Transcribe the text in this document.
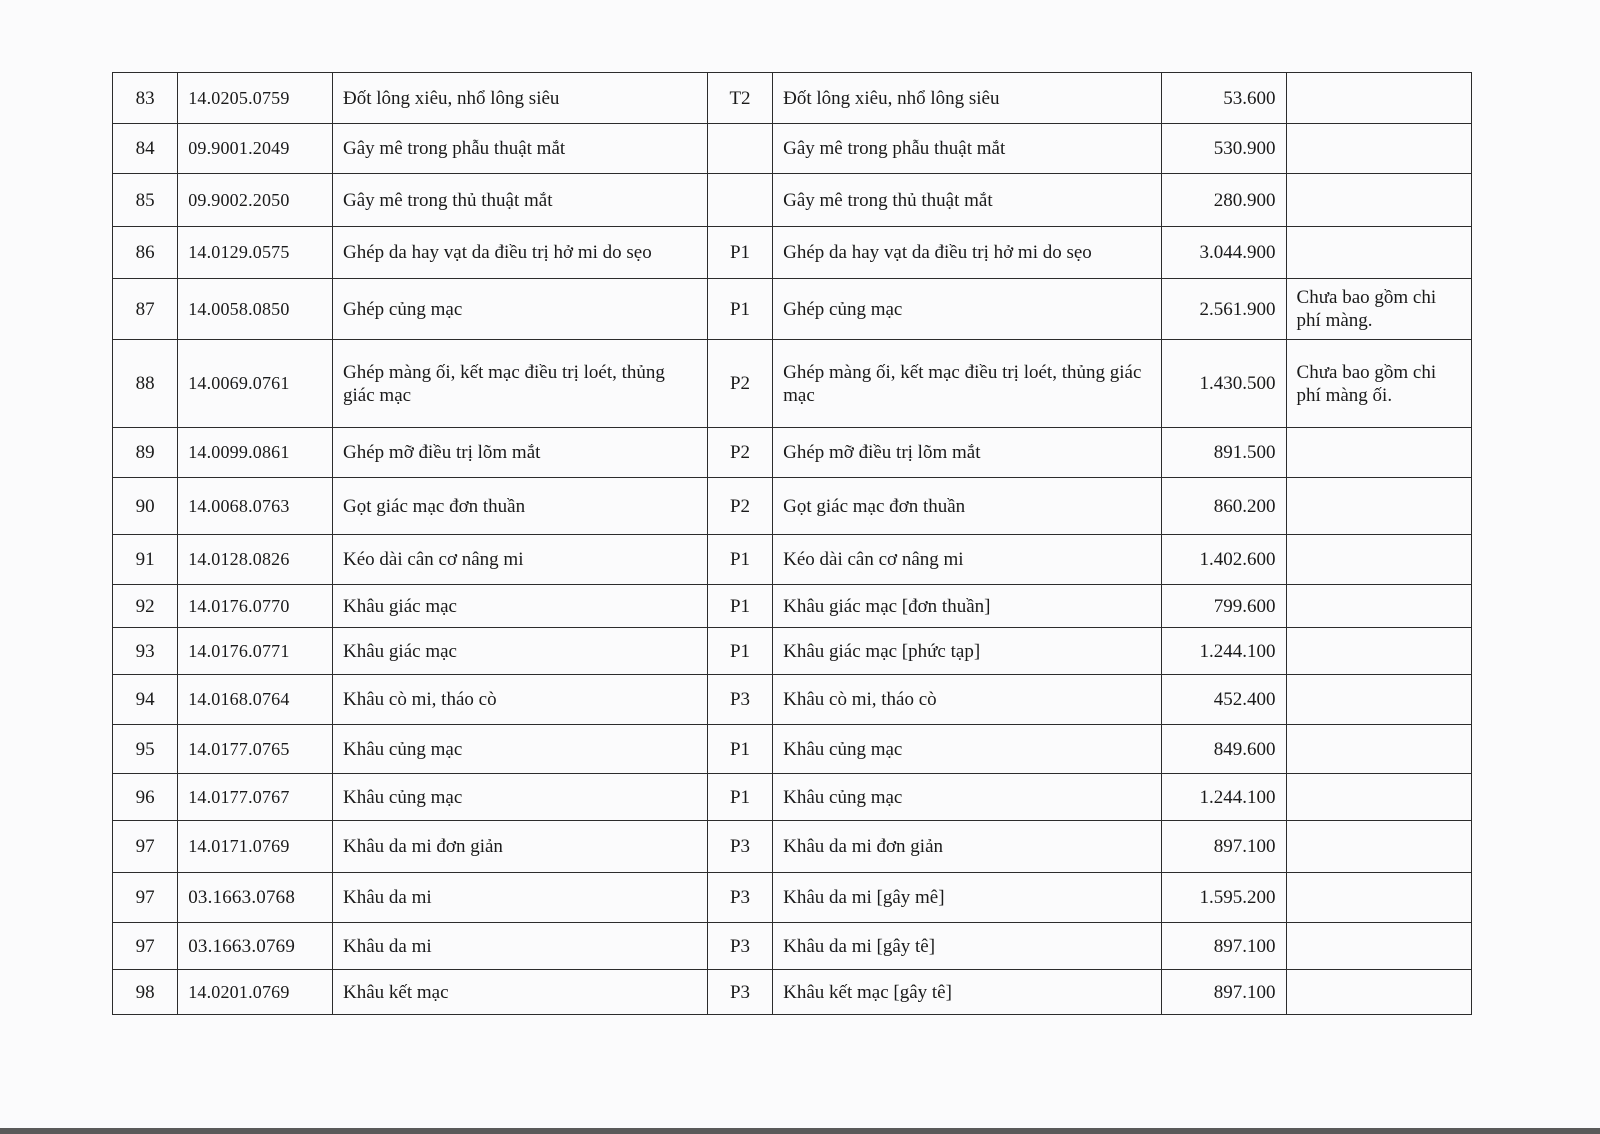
83	14.0205.0759	Đốt lông xiêu, nhổ lông siêu	T2	Đốt lông xiêu, nhổ lông siêu	53.600	
84	09.9001.2049	Gây mê trong phẫu thuật mắt		Gây mê trong phẫu thuật mắt	530.900	
85	09.9002.2050	Gây mê trong thủ thuật mắt		Gây mê trong thủ thuật mắt	280.900	
86	14.0129.0575	Ghép da hay vạt da điều trị hở mi do sẹo	P1	Ghép da hay vạt da điều trị hở mi do sẹo	3.044.900	
87	14.0058.0850	Ghép củng mạc	P1	Ghép củng mạc	2.561.900	Chưa bao gồm chi phí màng.
88	14.0069.0761	Ghép màng ối, kết mạc điều trị loét, thủng giác mạc	P2	Ghép màng ối, kết mạc điều trị loét, thủng giác mạc	1.430.500	Chưa bao gồm chi phí màng ối.
89	14.0099.0861	Ghép mỡ điều trị lõm mắt	P2	Ghép mỡ điều trị lõm mắt	891.500	
90	14.0068.0763	Gọt giác mạc đơn thuần	P2	Gọt giác mạc đơn thuần	860.200	
91	14.0128.0826	Kéo dài cân cơ nâng mi	P1	Kéo dài cân cơ nâng mi	1.402.600	
92	14.0176.0770	Khâu giác mạc	P1	Khâu giác mạc [đơn thuần]	799.600	
93	14.0176.0771	Khâu giác mạc	P1	Khâu giác mạc [phức tạp]	1.244.100	
94	14.0168.0764	Khâu cò mi, tháo cò	P3	Khâu cò mi, tháo cò	452.400	
95	14.0177.0765	Khâu củng mạc	P1	Khâu củng mạc	849.600	
96	14.0177.0767	Khâu củng mạc	P1	Khâu củng mạc	1.244.100	
97	14.0171.0769	Khâu da mi đơn giản	P3	Khâu da mi đơn giản	897.100	
97	03.1663.0768	Khâu da mi	P3	Khâu da mi [gây mê]	1.595.200	
97	03.1663.0769	Khâu da mi	P3	Khâu da mi [gây tê]	897.100	
98	14.0201.0769	Khâu kết mạc	P3	Khâu kết mạc [gây tê]	897.100	
